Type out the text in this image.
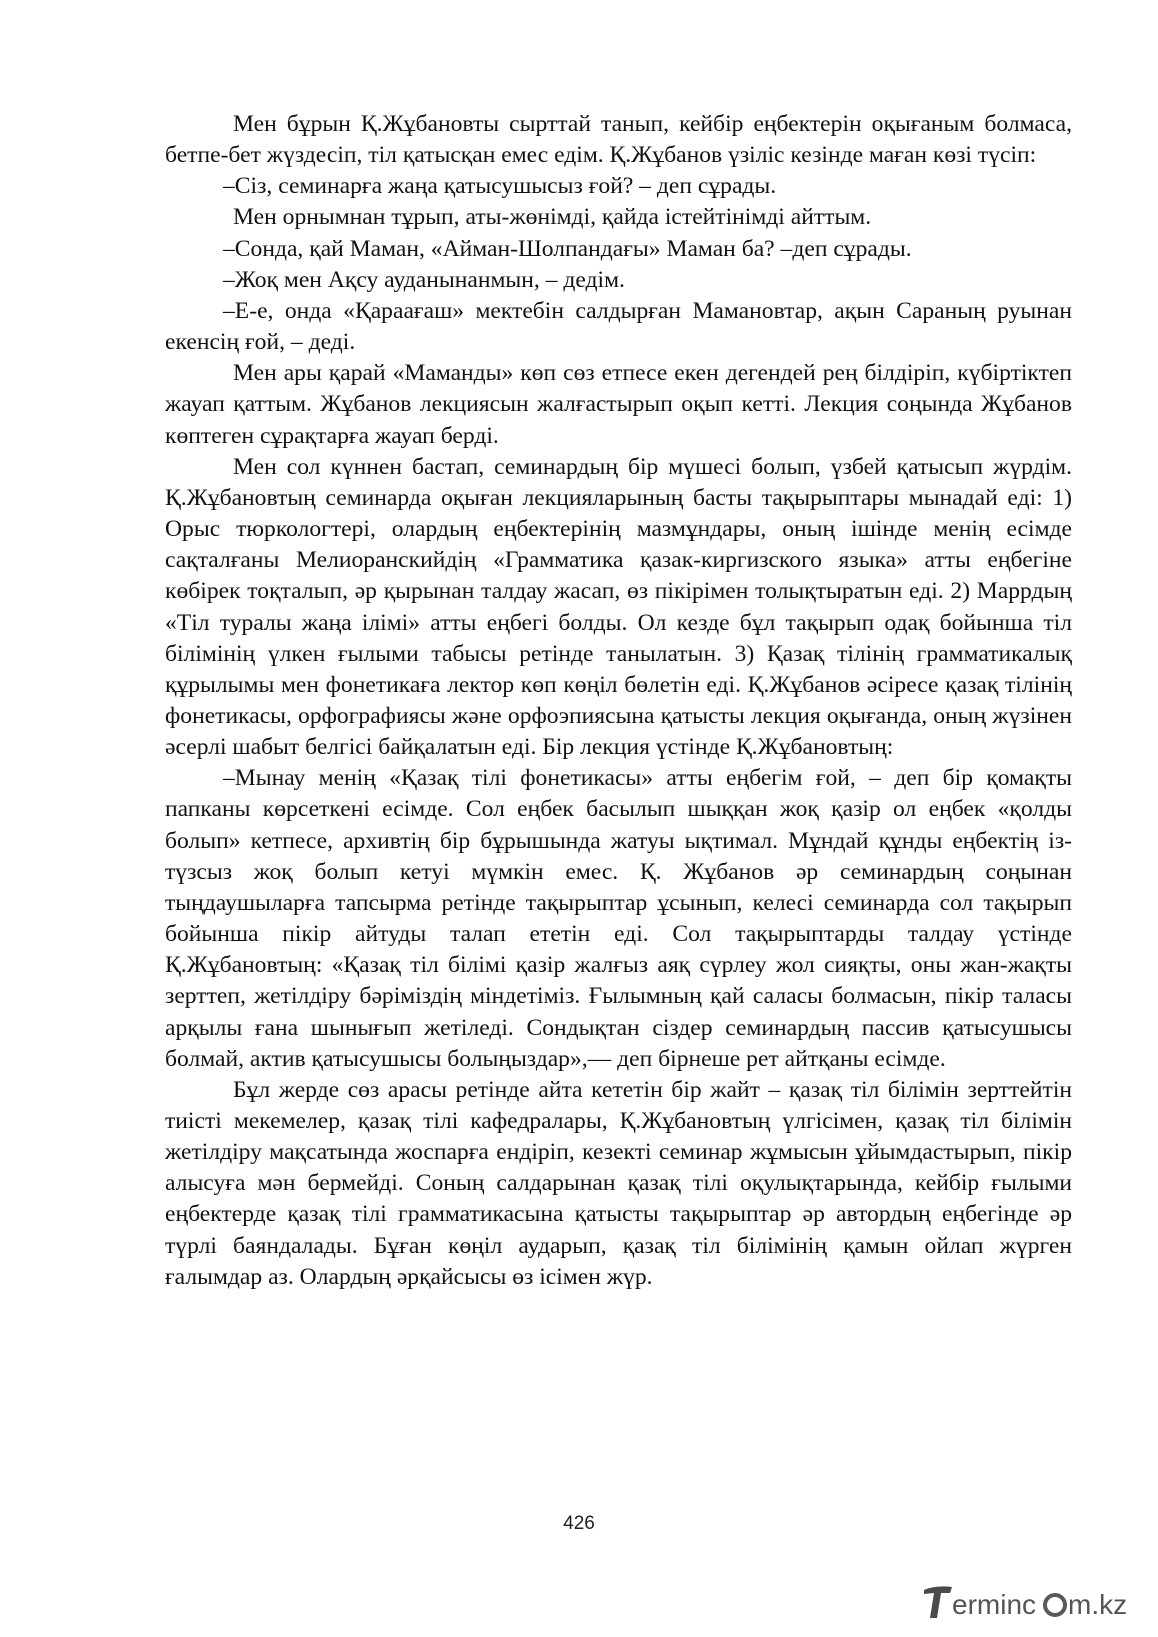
Мен бұрын Қ.Жұбановты сырттай танып, кейбір еңбектерін оқығаным болмаса, бетпе-бет жүздесіп, тіл қатысқан емес едім. Қ.Жұбанов үзіліс кезінде маған көзі түсіп:

–Сіз, семинарға жаңа қатысушысыз ғой? – деп сұрады.

Мен орнымнан тұрып, аты-жөнімді, қайда істейтінімді айттым.

–Сонда, қай Маман, «Айман-Шолпандағы» Маман ба? –деп сұрады.

–Жоқ мен Ақсу ауданынанмын, – дедім.

–Е-е, онда «Қараағаш» мектебін салдырған Мамановтар, ақын Сараның руынан екенсің ғой, – деді.

Мен ары қарай «Маманды» көп сөз етпесе екен дегендей рең білдіріп, күбіртіктеп жауап қаттым. Жұбанов лекциясын жалғастырып оқып кетті. Лекция соңында Жұбанов көптеген сұрақтарға жауап берді.

Мен сол күннен бастап, семинардың бір мүшесі болып, үзбей қатысып жүрдім. Қ.Жұбановтың семинарда оқыған лекцияларының басты тақырыптары мынадай еді: 1) Орыс тюркологтері, олардың еңбектерінің мазмұндары, оның ішінде менің есімде сақталғаны Мелиоранскийдің «Грамматика қазак-киргизского языка» атты еңбегіне көбірек тоқталып, әр қырынан талдау жасап, өз пікірімен толықтыратын еді. 2) Маррдың «Тіл туралы жаңа ілімі» атты еңбегі болды. Ол кезде бұл тақырып одақ бойынша тіл білімінің үлкен ғылыми табысы ретінде танылатын. 3) Қазақ тілінің грамматикалық құрылымы мен фонетикаға лектор көп көңіл бөлетін еді. Қ.Жұбанов әсіресе қазақ тілінің фонетикасы, орфографиясы және орфоэпиясына қатысты лекция оқығанда, оның жүзінен әсерлі шабыт белгісі байқалатын еді. Бір лекция үстінде Қ.Жұбановтың:

–Мынау менің «Қазақ тілі фонетикасы» атты еңбегім ғой, – деп бір қомақты папканы көрсеткені есімде. Сол еңбек басылып шыққан жоқ қазір ол еңбек «қолды болып» кетпесе, архивтің бір бұрышында жатуы ықтимал. Мұндай құнды еңбектің із-түзсыз жоқ болып кетуі мүмкін емес. Қ. Жұбанов әр семинардың соңынан тыңдаушыларға тапсырма ретінде тақырыптар ұсынып, келесі семинарда сол тақырып бойынша пікір айтуды талап ететін еді. Сол тақырыптарды талдау үстінде Қ.Жұбановтың: «Қазақ тіл білімі қазір жалғыз аяқ сүрлеу жол сияқты, оны жан-жақты зерттеп, жетілдіру бәріміздің міндетіміз. Ғылымның қай саласы болмасын, пікір таласы арқылы ғана шынығып жетіледі. Сондықтан сіздер семинардың пассив қатысушысы болмай, актив қатысушысы болыңыздар»,— деп бірнеше рет айтқаны есімде.

Бұл жерде сөз арасы ретінде айта кететін бір жайт – қазақ тіл білімін зерттейтін тиісті мекемелер, қазақ тілі кафедралары, Қ.Жұбановтың үлгісімен, қазақ тіл білімін жетілдіру мақсатында жоспарға ендіріп, кезекті семинар жұмысын ұйымдастырып, пікір алысуға мән бермейді. Соның салдарынан қазақ тілі оқулықтарында, кейбір ғылыми еңбектерде қазақ тілі грамматикасына қатысты тақырыптар әр автордың еңбегінде әр түрлі баяндалады. Бұған көңіл аударып, қазақ тіл білімінің қамын ойлап жүрген ғалымдар аз. Олардың әрқайсысы өз ісімен жүр.

426
erminc m.kz
